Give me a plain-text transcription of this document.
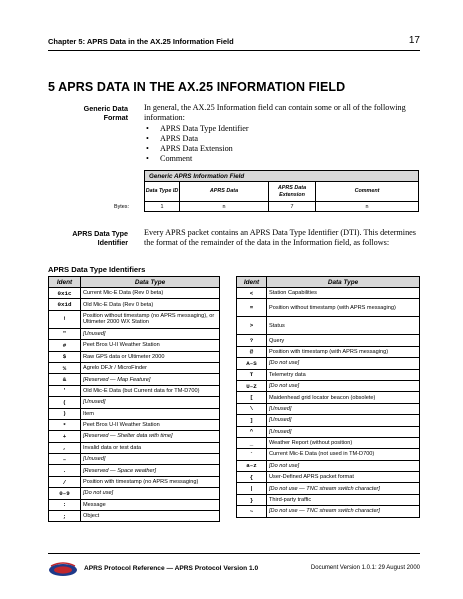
Chapter 5: APRS Data in the AX.25 Information Field	17
5 APRS DATA IN THE AX.25 INFORMATION FIELD
Generic Data
Format
In general, the AX.25 Information field can contain some or all of the following information:
• APRS Data Type Identifier
• APRS Data
• APRS Data Extension
• Comment
Generic APRS Information Field			
Data Type ID	APRS Data	APRS Data Extension	Comment
1	n	7	n
Bytes:
APRS Data Type
Identifier
Every APRS packet contains an APRS Data Type Identifier (DTI). This determines the format of the remainder of the data in the Information field, as follows:
APRS Data Type Identifiers
Ident	Data Type
0x1c	Current Mic-E Data (Rev 0 beta)
0x1d	Old Mic-E Data (Rev 0 beta)
!	Position without timestamp (no APRS messaging), or Ultimeter 2000 WX Station
"	[Unused]
#	Peet Bros U-II Weather Station
$	Raw GPS data or Ultimeter 2000
%	Agrelo DFJr / MicroFinder
&	[Reserved — Map Feature]
'	Old Mic-E Data (but Current data for TM-D700)
(	[Unused]
)	Item
*	Peet Bros U-II Weather Station
+	[Reserved — Shelter data with time]
,	Invalid data or test data
–	[Unused]
.	[Reserved — Space weather]
/	Position with timestamp (no APRS messaging)
0–9	[Do not use]
:	Message
;	Object
Ident	Data Type
<	Station Capabilities
=	Position without timestamp (with APRS messaging)
>	Status
?	Query
@	Position with timestamp (with APRS messaging)
A–S	[Do not use]
T	Telemetry data
U–Z	[Do not use]
[	Maidenhead grid locator beacon (obsolete)
\	[Unused]
]	[Unused]
^	[Unused]
_	Weather Report (without position)
`	Current Mic-E Data (not used in TM-D700)
a–z	[Do not use]
{	User-Defined APRS packet format
|	[Do not use — TNC stream switch character]
}	Third-party traffic
~	[Do not use — TNC stream switch character]
APRS Protocol Reference — APRS Protocol Version 1.0	Document Version 1.0.1: 29 August 2000
